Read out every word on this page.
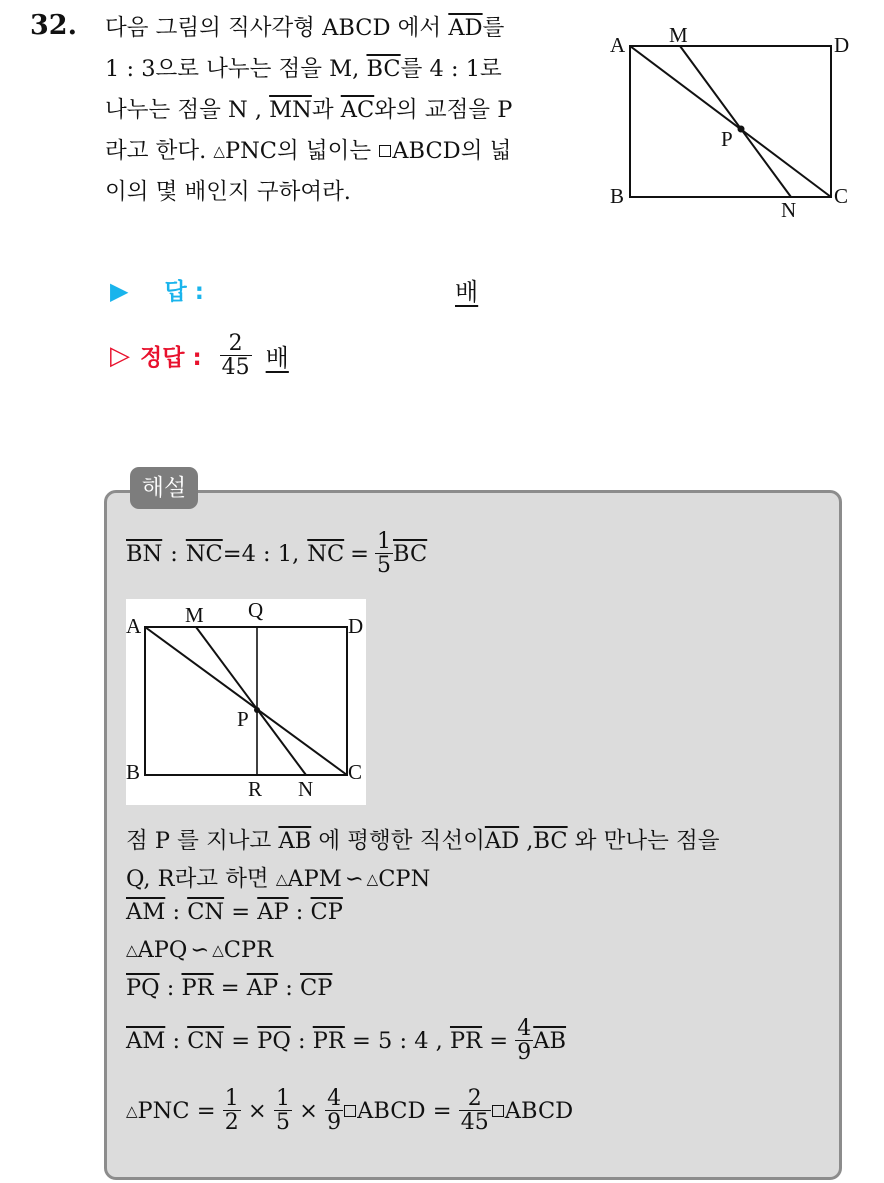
32. 다음 그림의 직사각형 ABCD 에서 $\overline{AD}$를
1 : 3으로 나누는 점을 M, $\overline{BC}$를 4 : 1로
나누는 점을 N , $\overline{MN}$과 $\overline{AC}$와의 교점을 P
라고 한다. △PNC의 넓이는 ABCD의 넓
이의 몇 배인지 구하여라.
A M	D
P
B
N
C
▶ 답 :	배
▷ 정답 : $\frac{2}{45}$ 배
해설
$\overline{BN}$ : $\overline{NC} =4$ : 1, $\overline{NC} = \frac{1}{5} \overline{BC}$
A M Q
D
P
B
R N
C
점 P 를 지나고 $\overline{AB}$ 에 평행한 직선이$\overline{AD}$ $,\overline{BC}$ 와 만나는 점을
Q, R라고 하면 △APM ∽ △CPN
$\overline{AM}$ : $\overline{CN} = \overline{AP}$ : $\overline{CP}$
△APQ ∽ △CPR
$\overline{PQ}$ : $\overline{PR} = \overline{AP}$ : $\overline{CP}$
$\overline{AM}$ : $\overline{CN} = \overline{PQ}$ : $\overline{PR} = 5$ : 4 , $\overline{PR} = \frac{4}{9} \overline{AB}$
△ PNC = $\frac{1}{2} \times \frac{1}{5} \times \frac{4}{9}$ ABCD = $\frac{2}{45}$ ABCD
